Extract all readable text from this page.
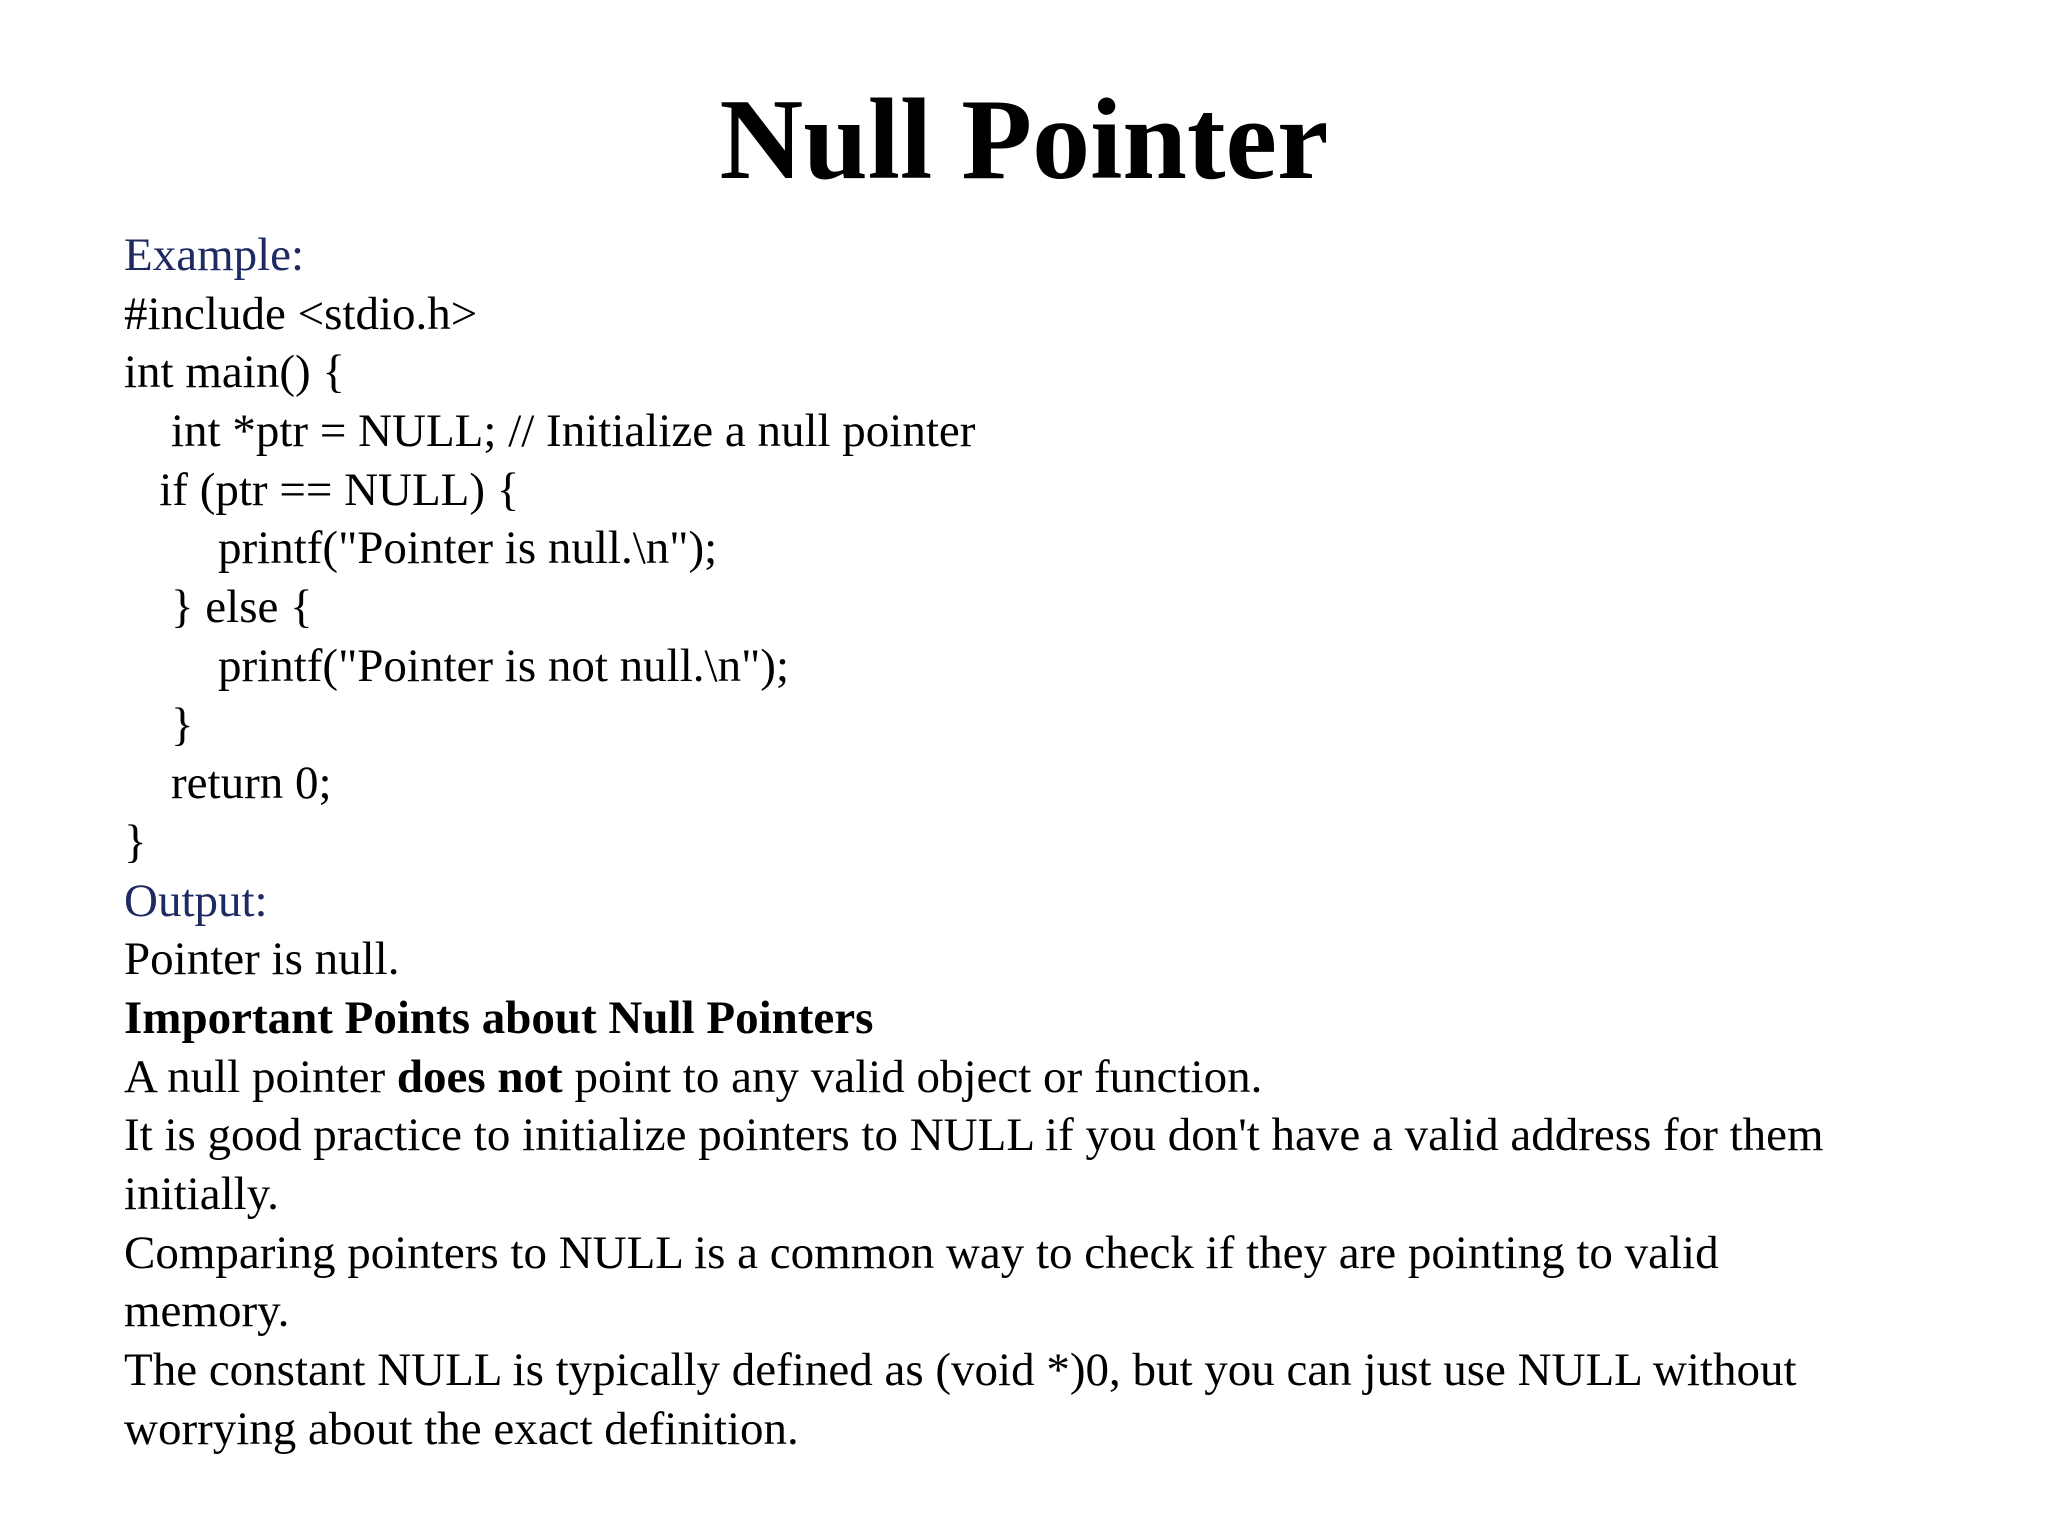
Null Pointer
Example:
#include <stdio.h>
int main() {
int *ptr = NULL; // Initialize a null pointer
if (ptr == NULL) {
printf("Pointer is null.\n");
} else {
printf("Pointer is not null.\n");
}
return 0;
}
Output:
Pointer is null.
Important Points about Null Pointers
A null pointer does not point to any valid object or function.
It is good practice to initialize pointers to NULL if you don't have a valid address for them
initially.
Comparing pointers to NULL is a common way to check if they are pointing to valid
memory.
The constant NULL is typically defined as (void *)0, but you can just use NULL without
worrying about the exact definition.
